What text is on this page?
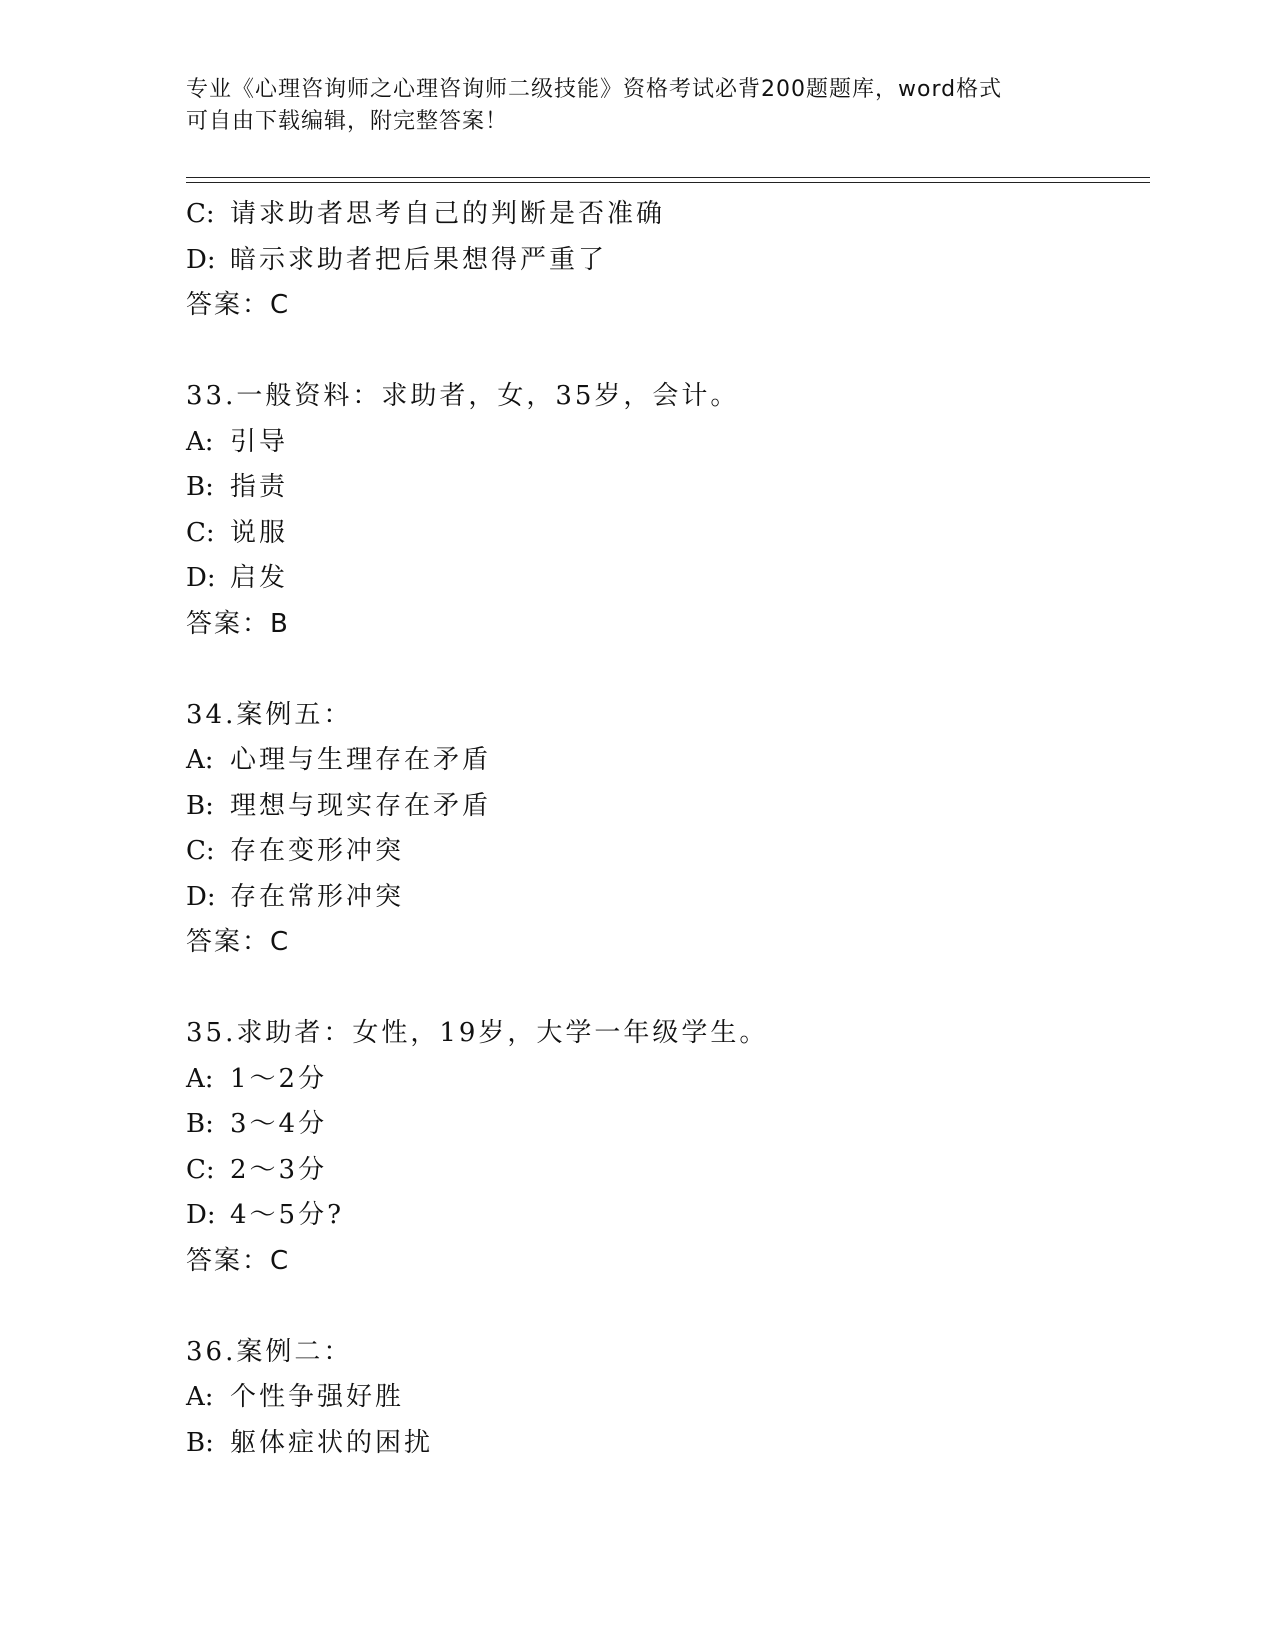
专业《心理咨询师之心理咨询师二级技能》资格考试必背200题题库，word格式
可自由下载编辑，附完整答案！
C: 请求助者思考自己的判断是否准确
D: 暗示求助者把后果想得严重了
答案：C
33.一般资料：求助者，女，35岁，会计。
A: 引导
B: 指责
C: 说服
D: 启发
答案：B
34.案例五：
A: 心理与生理存在矛盾
B: 理想与现实存在矛盾
C: 存在变形冲突
D: 存在常形冲突
答案：C
35.求助者：女性，19岁，大学一年级学生。
A: 1～2分
B: 3～4分
C: 2～3分
D: 4～5分?
答案：C
36.案例二：
A: 个性争强好胜
B: 躯体症状的困扰
